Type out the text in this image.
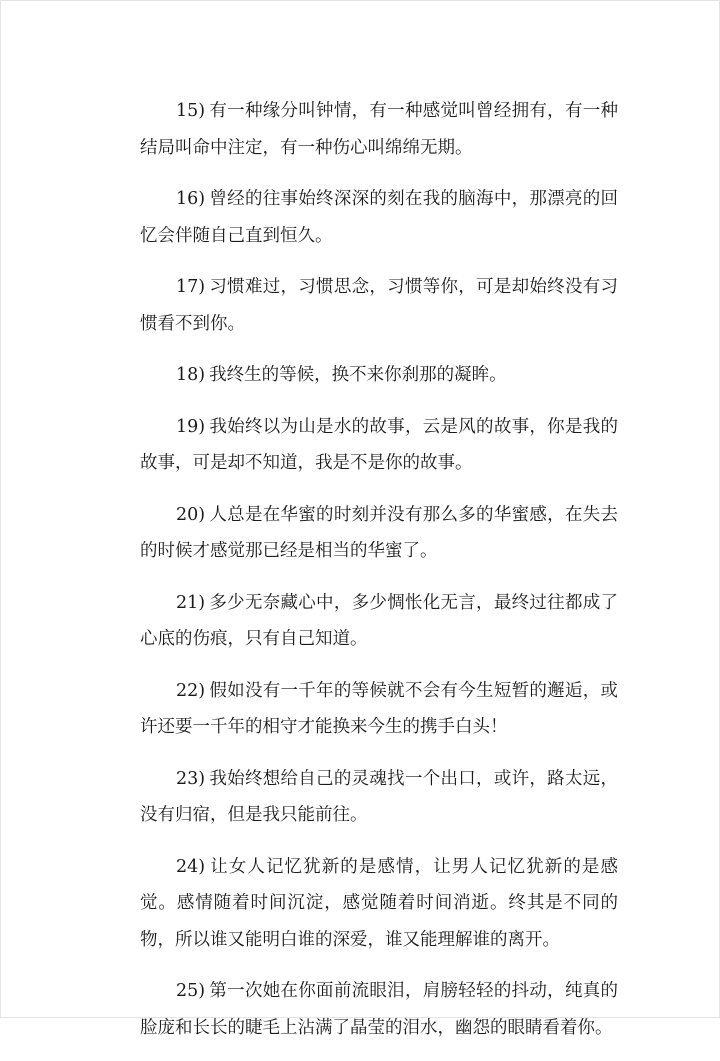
15) 有一种缘分叫钟情，有一种感觉叫曾经拥有，有一种结局叫命中注定，有一种伤心叫绵绵无期。

16) 曾经的往事始终深深的刻在我的脑海中，那漂亮的回忆会伴随自己直到恒久。

17) 习惯难过，习惯思念，习惯等你，可是却始终没有习惯看不到你。

18) 我终生的等候，换不来你刹那的凝眸。

19) 我始终以为山是水的故事，云是风的故事，你是我的故事，可是却不知道，我是不是你的故事。

20) 人总是在华蜜的时刻并没有那么多的华蜜感，在失去的时候才感觉那已经是相当的华蜜了。

21) 多少无奈藏心中，多少惆怅化无言，最终过往都成了心底的伤痕，只有自己知道。

22) 假如没有一千年的等候就不会有今生短暂的邂逅，或许还要一千年的相守才能换来今生的携手白头！

23) 我始终想给自己的灵魂找一个出口，或许，路太远，没有归宿，但是我只能前往。

24) 让女人记忆犹新的是感情，让男人记忆犹新的是感觉。感情随着时间沉淀，感觉随着时间消逝。终其是不同的物，所以谁又能明白谁的深爱，谁又能理解谁的离开。

25) 第一次她在你面前流眼泪，肩膀轻轻的抖动，纯真的脸庞和长长的睫毛上沾满了晶莹的泪水，幽怨的眼睛看着你。
